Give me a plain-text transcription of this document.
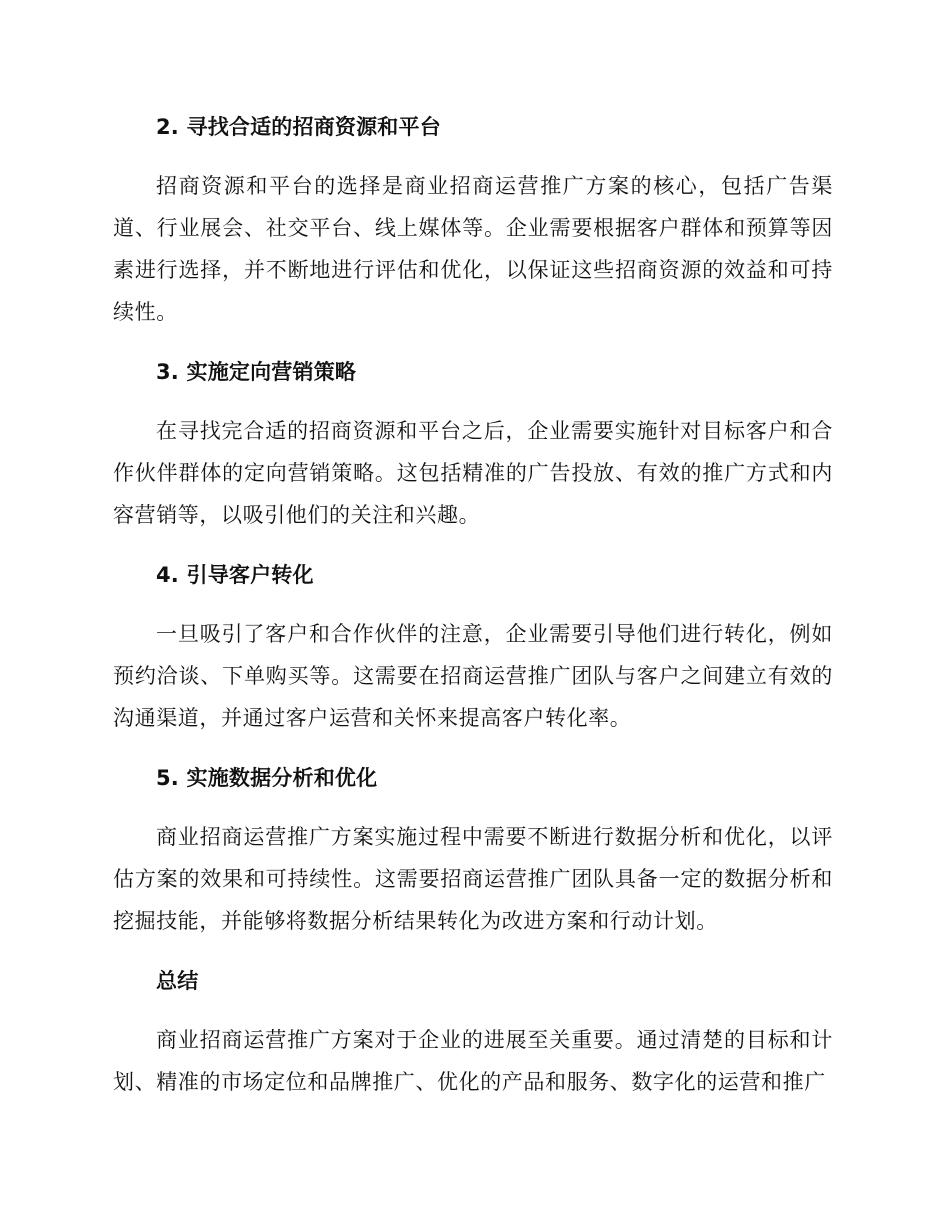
2. 寻找合适的招商资源和平台

招商资源和平台的选择是商业招商运营推广方案的核心，包括广告渠道、行业展会、社交平台、线上媒体等。企业需要根据客户群体和预算等因素进行选择，并不断地进行评估和优化，以保证这些招商资源的效益和可持续性。

3. 实施定向营销策略

在寻找完合适的招商资源和平台之后，企业需要实施针对目标客户和合作伙伴群体的定向营销策略。这包括精准的广告投放、有效的推广方式和内容营销等，以吸引他们的关注和兴趣。

4. 引导客户转化

一旦吸引了客户和合作伙伴的注意，企业需要引导他们进行转化，例如预约洽谈、下单购买等。这需要在招商运营推广团队与客户之间建立有效的沟通渠道，并通过客户运营和关怀来提高客户转化率。

5. 实施数据分析和优化

商业招商运营推广方案实施过程中需要不断进行数据分析和优化，以评估方案的效果和可持续性。这需要招商运营推广团队具备一定的数据分析和挖掘技能，并能够将数据分析结果转化为改进方案和行动计划。

总结

商业招商运营推广方案对于企业的进展至关重要。通过清楚的目标和计划、精准的市场定位和品牌推广、优化的产品和服务、数字化的运营和推广
